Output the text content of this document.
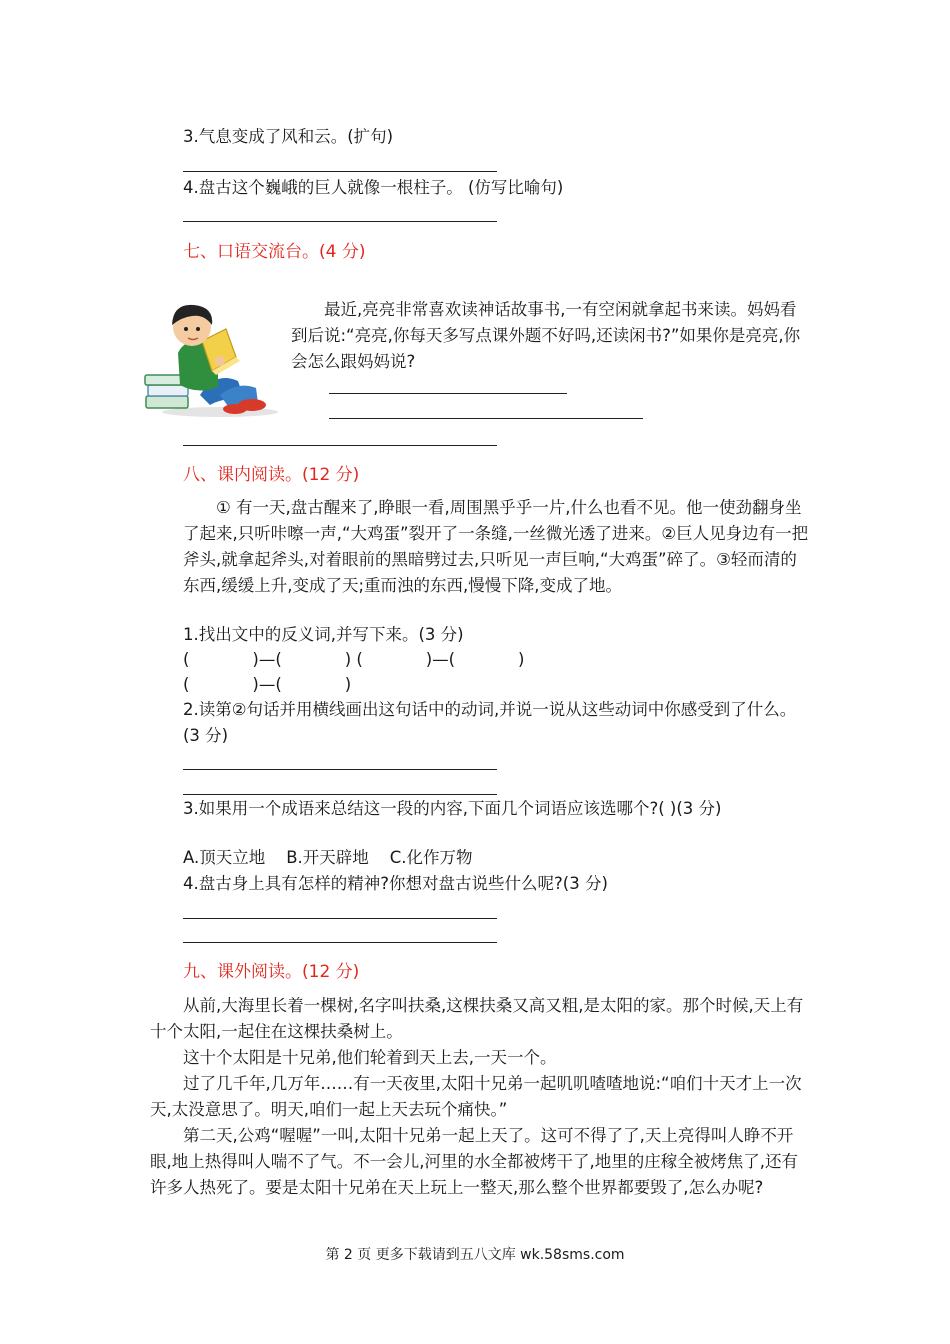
3.气息变成了风和云。(扩句)
4.盘古这个巍峨的巨人就像一根柱子。 (仿写比喻句)
七、口语交流台。(4 分)

最近,亮亮非常喜欢读神话故事书,一有空闲就拿起书来读。妈妈看到后说:“亮亮,你每天多写点课外题不好吗,还读闲书?”如果你是亮亮,你会怎么跟妈妈说?

八、课内阅读。(12 分)

① 有一天,盘古醒来了,睁眼一看,周围黑乎乎一片,什么也看不见。他一使劲翻身坐了起来,只听咔嚓一声,“大鸡蛋”裂开了一条缝,一丝微光透了进来。②巨人见身边有一把斧头,就拿起斧头,对着眼前的黑暗劈过去,只听见一声巨响,“大鸡蛋”碎了。③轻而清的东西,缓缓上升,变成了天;重而浊的东西,慢慢下降,变成了地。

1.找出文中的反义词,并写下来。(3 分)
(            )—(            ) (            )—(            )
(            )—(            )

2.读第②句话并用横线画出这句话中的动词,并说一说从这些动词中你感受到了什么。(3 分)

3.如果用一个成语来总结这一段的内容,下面几个词语应该选哪个?( )(3 分)

A.顶天立地    B.开天辟地    C.化作万物
4.盘古身上具有怎样的精神?你想对盘古说些什么呢?(3 分)
九、课外阅读。(12 分)

从前,大海里长着一棵树,名字叫扶桑,这棵扶桑又高又粗,是太阳的家。那个时候,天上有十个太阳,一起住在这棵扶桑树上。

这十个太阳是十兄弟,他们轮着到天上去,一天一个。

过了几千年,几万年……有一天夜里,太阳十兄弟一起叽叽喳喳地说:“咱们十天才上一次天,太没意思了。明天,咱们一起上天去玩个痛快。”

第二天,公鸡“喔喔”一叫,太阳十兄弟一起上天了。这可不得了了,天上亮得叫人睁不开眼,地上热得叫人喘不了气。不一会儿,河里的水全都被烤干了,地里的庄稼全被烤焦了,还有许多人热死了。要是太阳十兄弟在天上玩上一整天,那么整个世界都要毁了,怎么办呢?

第 2 页 更多下载请到五八文库 wk.58sms.com
